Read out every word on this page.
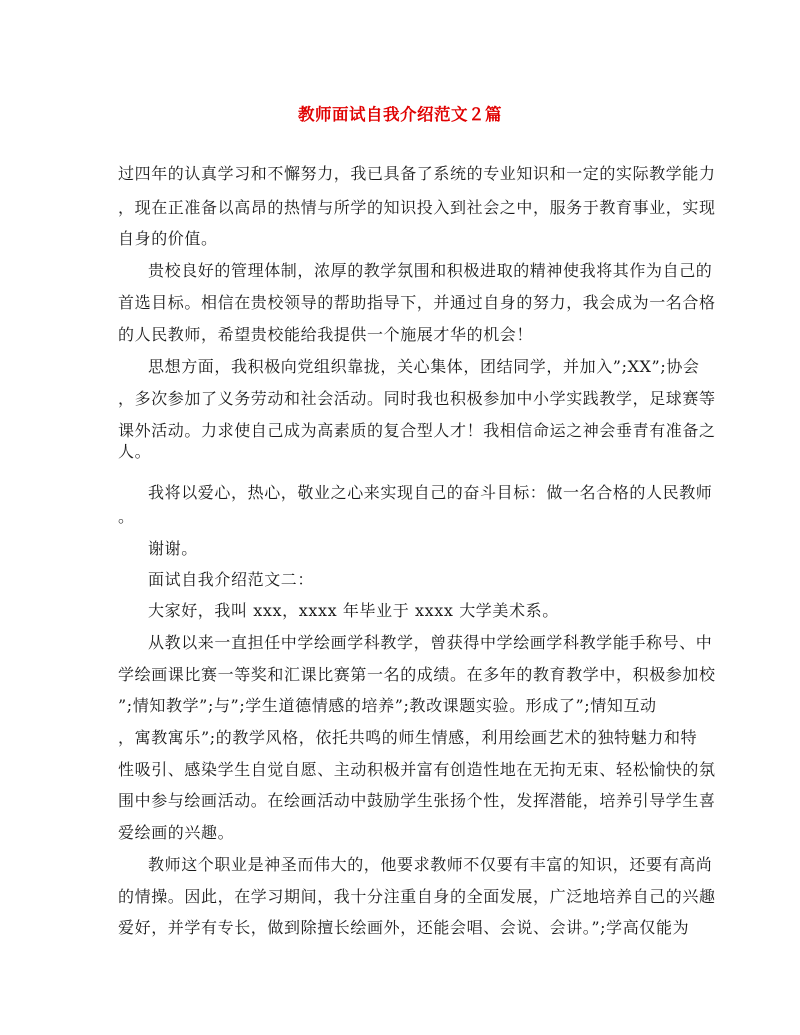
教师面试自我介绍范文２篇
过四年的认真学习和不懈努力，我已具备了系统的专业知识和一定的实际教学能力
，现在正准备以高昂的热情与所学的知识投入到社会之中，服务于教育事业，实现
自身的价值。
贵校良好的管理体制，浓厚的教学氛围和积极进取的精神使我将其作为自己的
首选目标。相信在贵校领导的帮助指导下，并通过自身的努力，我会成为一名合格
的人民教师，希望贵校能给我提供一个施展才华的机会！
思想方面，我积极向党组织靠拢，关心集体，团结同学，并加入”;XX”;协会
，多次参加了义务劳动和社会活动。同时我也积极参加中小学实践教学，足球赛等
课外活动。力求使自己成为高素质的复合型人才！我相信命运之神会垂青有准备之
人。
我将以爱心，热心，敬业之心来实现自己的奋斗目标：做一名合格的人民教师
。
谢谢。
面试自我介绍范文二：
大家好，我叫 xxx，xxxx 年毕业于 xxxx 大学美术系。
从教以来一直担任中学绘画学科教学，曾获得中学绘画学科教学能手称号、中
学绘画课比赛一等奖和汇课比赛第一名的成绩。在多年的教育教学中，积极参加校
”;情知教学”;与”;学生道德情感的培养”;教改课题实验。形成了”;情知互动
，寓教寓乐”;的教学风格，依托共鸣的师生情感，利用绘画艺术的独特魅力和特
性吸引、感染学生自觉自愿、主动积极并富有创造性地在无拘无束、轻松愉快的氛
围中参与绘画活动。在绘画活动中鼓励学生张扬个性，发挥潜能，培养引导学生喜
爱绘画的兴趣。
教师这个职业是神圣而伟大的，他要求教师不仅要有丰富的知识，还要有高尚
的情操。因此，在学习期间，我十分注重自身的全面发展，广泛地培养自己的兴趣
爱好，并学有专长，做到除擅长绘画外，还能会唱、会说、会讲。”;学高仅能为
